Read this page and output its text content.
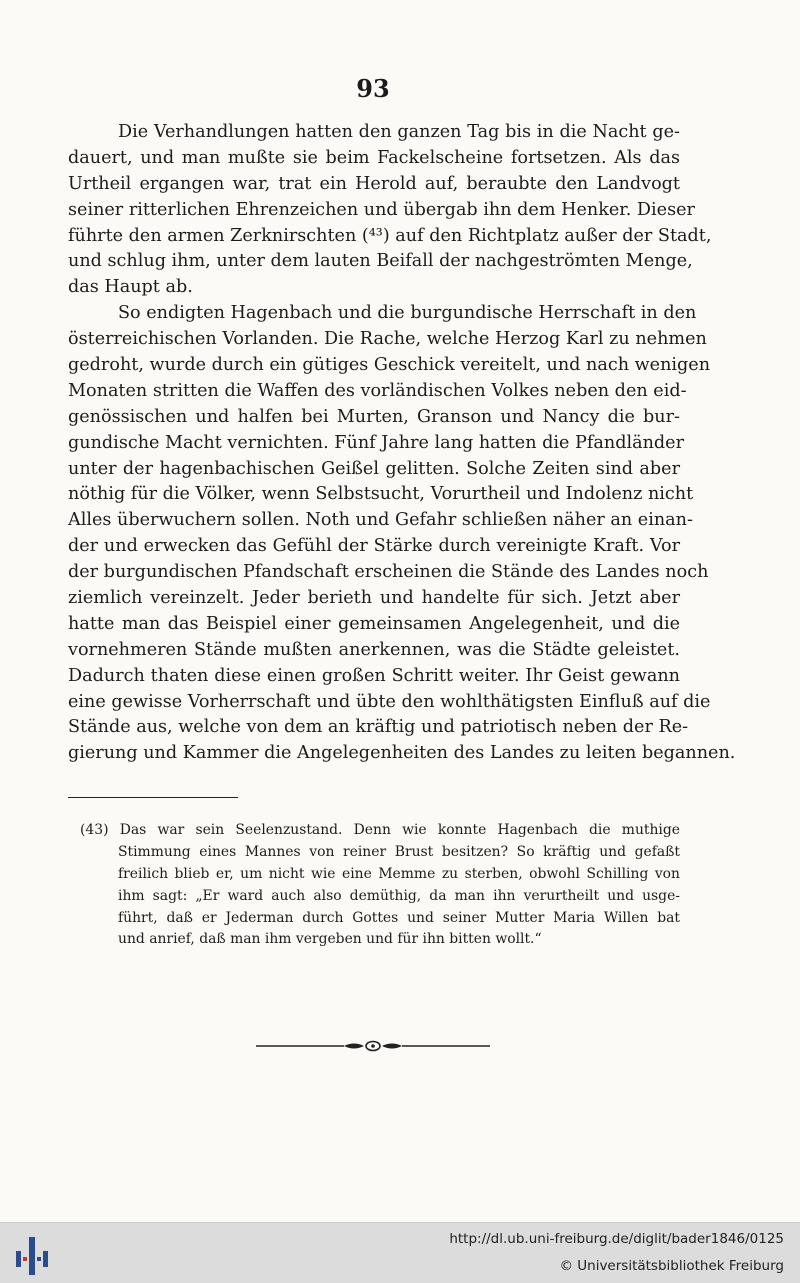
93
Die Verhandlungen hatten den ganzen Tag bis in die Nacht ge-
dauert, und man mußte sie beim Fackelscheine fortsetzen. Als das
Urtheil ergangen war, trat ein Herold auf, beraubte den Landvogt
seiner ritterlichen Ehrenzeichen und übergab ihn dem Henker. Dieser
führte den armen Zerknirschten (⁴³) auf den Richtplatz außer der Stadt,
und schlug ihm, unter dem lauten Beifall der nachgeströmten Menge,
das Haupt ab.
So endigten Hagenbach und die burgundische Herrschaft in den
österreichischen Vorlanden. Die Rache, welche Herzog Karl zu nehmen
gedroht, wurde durch ein gütiges Geschick vereitelt, und nach wenigen
Monaten stritten die Waffen des vorländischen Volkes neben den eid-
genössischen und halfen bei Murten, Granson und Nancy die bur-
gundische Macht vernichten. Fünf Jahre lang hatten die Pfandländer
unter der hagenbachischen Geißel gelitten. Solche Zeiten sind aber
nöthig für die Völker, wenn Selbstsucht, Vorurtheil und Indolenz nicht
Alles überwuchern sollen. Noth und Gefahr schließen näher an einan-
der und erwecken das Gefühl der Stärke durch vereinigte Kraft. Vor
der burgundischen Pfandschaft erscheinen die Stände des Landes noch
ziemlich vereinzelt. Jeder berieth und handelte für sich. Jetzt aber
hatte man das Beispiel einer gemeinsamen Angelegenheit, und die
vornehmeren Stände mußten anerkennen, was die Städte geleistet.
Dadurch thaten diese einen großen Schritt weiter. Ihr Geist gewann
eine gewisse Vorherrschaft und übte den wohlthätigsten Einfluß auf die
Stände aus, welche von dem an kräftig und patriotisch neben der Re-
gierung und Kammer die Angelegenheiten des Landes zu leiten begannen.
(43) Das war sein Seelenzustand. Denn wie konnte Hagenbach die muthige
Stimmung eines Mannes von reiner Brust besitzen? So kräftig und gefaßt
freilich blieb er, um nicht wie eine Memme zu sterben, obwohl Schilling von
ihm sagt: „Er ward auch also demüthig, da man ihn verurtheilt und usge-
führt, daß er Jederman durch Gottes und seiner Mutter Maria Willen bat
und anrief, daß man ihm vergeben und für ihn bitten wollt.“
http://dl.ub.uni-freiburg.de/diglit/bader1846/0125
© Universitätsbibliothek Freiburg
